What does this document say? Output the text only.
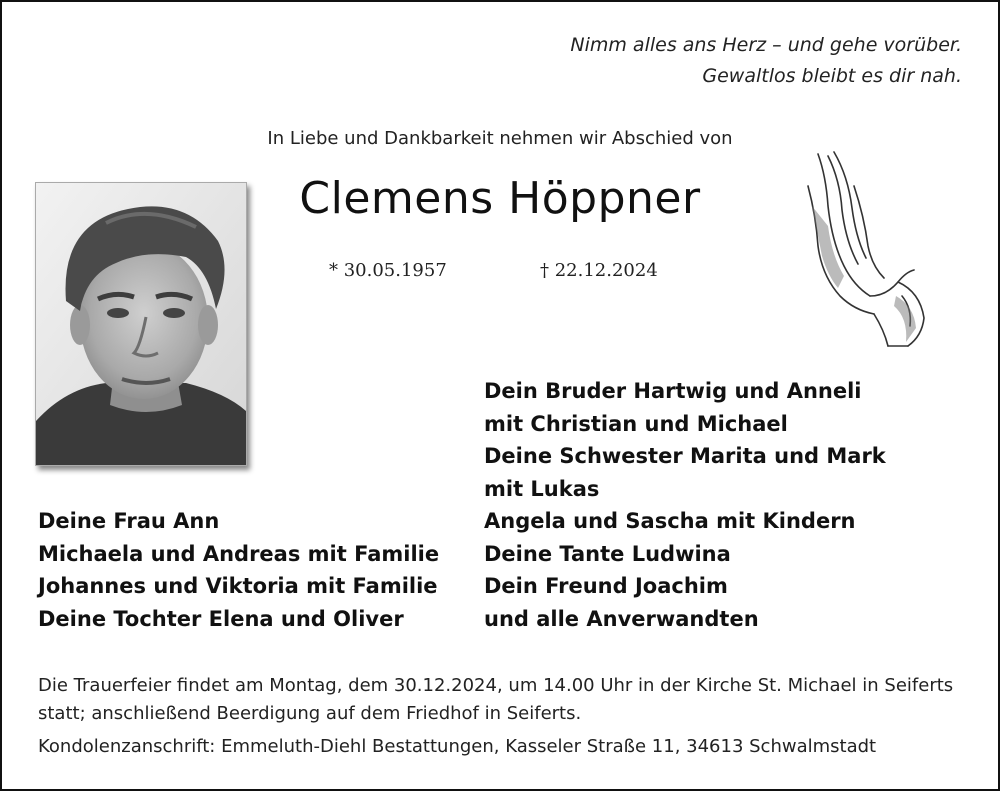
Nimm alles ans Herz – und gehe vorüber.
Gewaltlos bleibt es dir nah.
In Liebe und Dankbarkeit nehmen wir Abschied von
Clemens Höppner
* 30.05.1957	† 22.12.2024
Dein Bruder Hartwig und Anneli
mit Christian und Michael
Deine Schwester Marita und Mark
mit Lukas
Angela und Sascha mit Kindern
Deine Tante Ludwina
Dein Freund Joachim
und alle Anverwandten
Deine Frau Ann
Michaela und Andreas mit Familie
Johannes und Viktoria mit Familie
Deine Tochter Elena und Oliver
Die Trauerfeier findet am Montag, dem 30.12.2024, um 14.00 Uhr in der Kirche St. Michael in Seiferts statt; anschließend Beerdigung auf dem Friedhof in Seiferts.
Kondolenzanschrift: Emmeluth-Diehl Bestattungen, Kasseler Straße 11, 34613 Schwalmstadt
